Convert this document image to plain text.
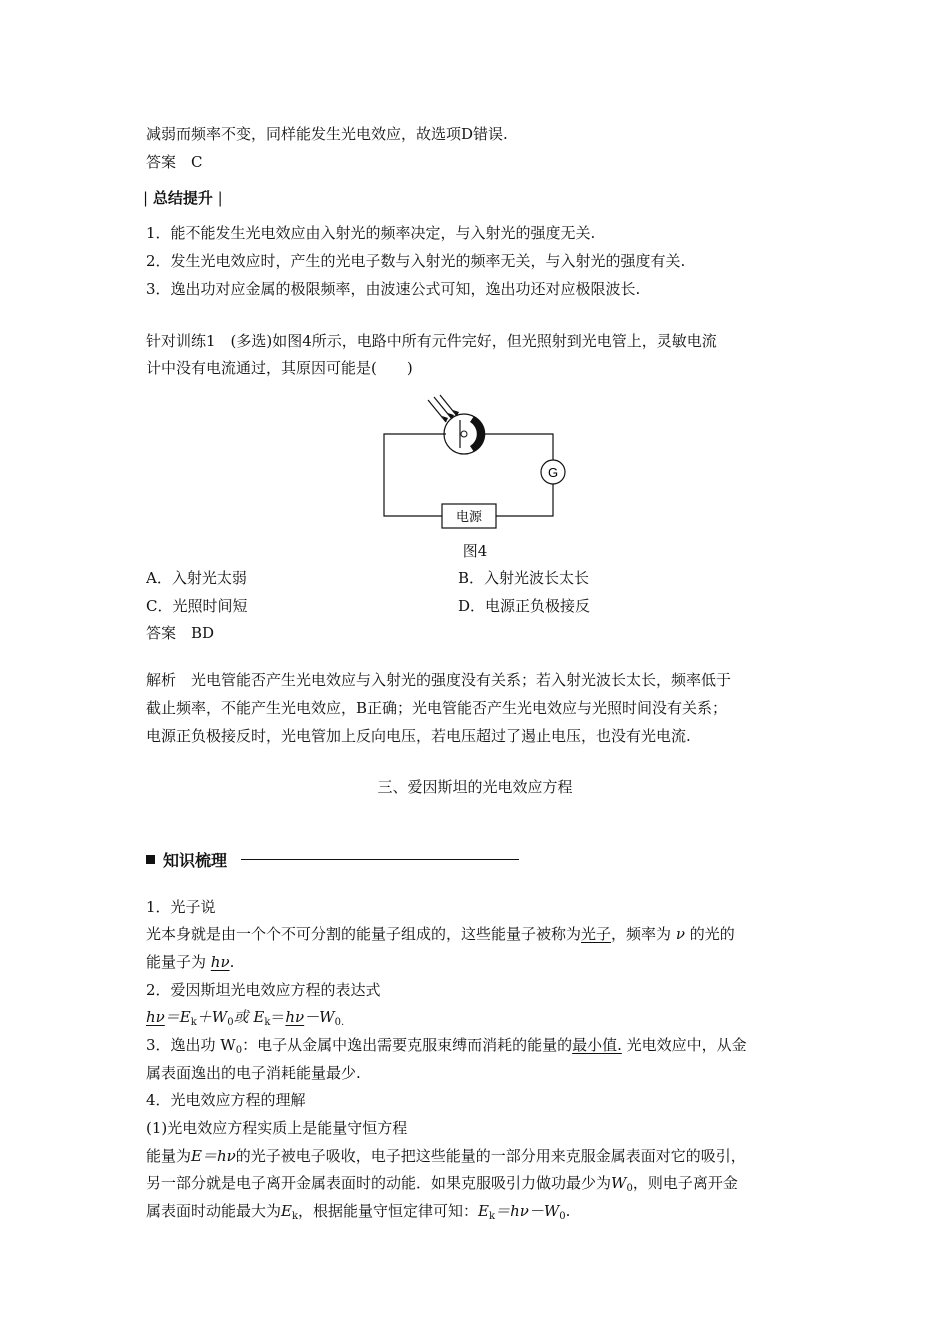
减弱而频率不变，同样能发生光电效应，故选项D错误.
答案　C
| 总结提升 |
1．能不能发生光电效应由入射光的频率决定，与入射光的强度无关.
2．发生光电效应时，产生的光电子数与入射光的频率无关，与入射光的强度有关.
3．逸出功对应金属的极限频率，由波速公式可知，逸出功还对应极限波长.
针对训练1　(多选)如图4所示，电路中所有元件完好，但光照射到光电管上，灵敏电流
计中没有电流通过，其原因可能是(　　)
G
电源
图4
A．入射光太弱	B．入射光波长太长
C．光照时间短	D．电源正负极接反
答案　BD
解析　光电管能否产生光电效应与入射光的强度没有关系；若入射光波长太长，频率低于
截止频率，不能产生光电效应，B正确；光电管能否产生光电效应与光照时间没有关系；
电源正负极接反时，光电管加上反向电压，若电压超过了遏止电压，也没有光电流.
三、爱因斯坦的光电效应方程
知识梳理
1．光子说
光本身就是由一个个不可分割的能量子组成的，这些能量子被称为光子，频率为 ν 的光的
能量子为 hν.
2．爱因斯坦光电效应方程的表达式
$h\nu=E_k+W_0$或 $E_k=h\nu-W_{0.}$
3．逸出功 $W_0$：电子从金属中逸出需要克服束缚而消耗的能量的最小值. 光电效应中，从金
属表面逸出的电子消耗能量最少.
4．光电效应方程的理解
(1)光电效应方程实质上是能量守恒方程
能量为E＝hν的光子被电子吸收，电子把这些能量的一部分用来克服金属表面对它的吸引，
另一部分就是电子离开金属表面时的动能．如果克服吸引力做功最少为$W_0$，则电子离开金
属表面时动能最大为$E_k$，根据能量守恒定律可知：$E_k=h\nu-W_0$.
